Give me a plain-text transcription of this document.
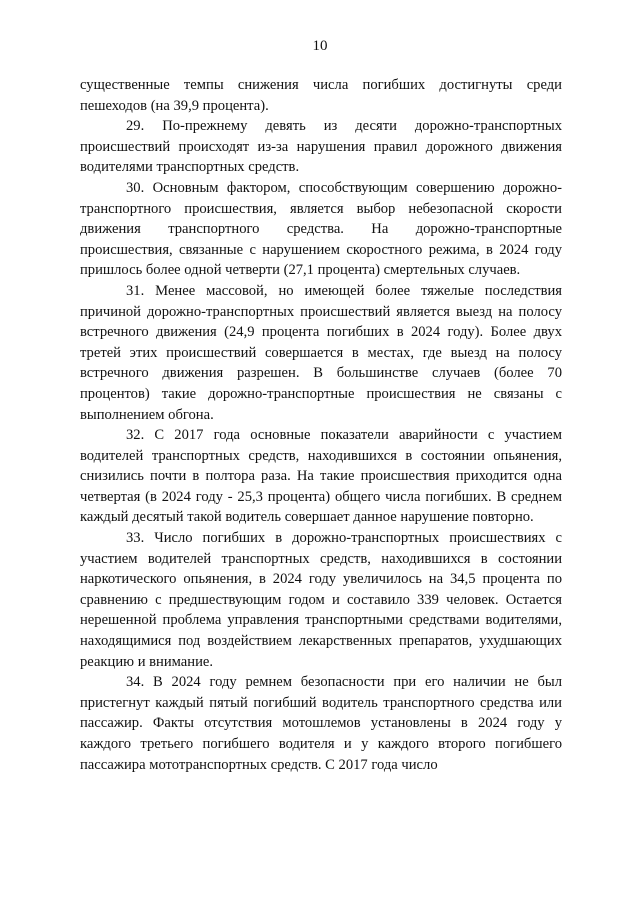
10

существенные темпы снижения числа погибших достигнуты среди пешеходов (на 39,9 процента).

29. По-прежнему девять из десяти дорожно-транспортных происшествий происходят из-за нарушения правил дорожного движения водителями транспортных средств.

30. Основным фактором, способствующим совершению дорожно-транспортного происшествия, является выбор небезопасной скорости движения транспортного средства. На дорожно-транспортные происшествия, связанные с нарушением скоростного режима, в 2024 году пришлось более одной четверти (27,1 процента) смертельных случаев.

31. Менее массовой, но имеющей более тяжелые последствия причиной дорожно-транспортных происшествий является выезд на полосу встречного движения (24,9 процента погибших в 2024 году). Более двух третей этих происшествий совершается в местах, где выезд на полосу встречного движения разрешен. В большинстве случаев (более 70 процентов) такие дорожно-транспортные происшествия не связаны с выполнением обгона.

32. С 2017 года основные показатели аварийности с участием водителей транспортных средств, находившихся в состоянии опьянения, снизились почти в полтора раза. На такие происшествия приходится одна четвертая (в 2024 году - 25,3 процента) общего числа погибших. В среднем каждый десятый такой водитель совершает данное нарушение повторно.

33. Число погибших в дорожно-транспортных происшествиях с участием водителей транспортных средств, находившихся в состоянии наркотического опьянения, в 2024 году увеличилось на 34,5 процента по сравнению с предшествующим годом и составило 339 человек. Остается нерешенной проблема управления транспортными средствами водителями, находящимися под воздействием лекарственных препаратов, ухудшающих реакцию и внимание.

34. В 2024 году ремнем безопасности при его наличии не был пристегнут каждый пятый погибший водитель транспортного средства или пассажир. Факты отсутствия мотошлемов установлены в 2024 году у каждого третьего погибшего водителя и у каждого второго погибшего пассажира мототранспортных средств. С 2017 года число
